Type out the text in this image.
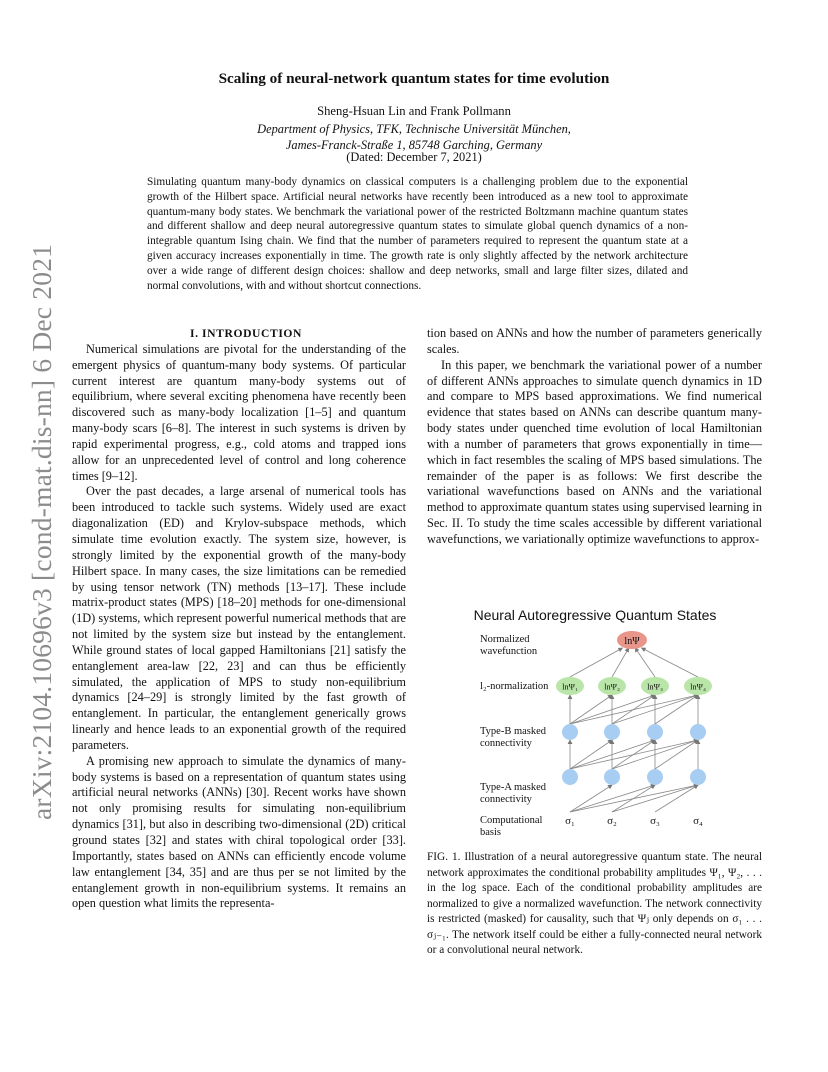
arXiv:2104.10696v3 [cond-mat.dis-nn] 6 Dec 2021
Scaling of neural-network quantum states for time evolution
Sheng-Hsuan Lin and Frank Pollmann
Department of Physics, TFK, Technische Universität München,
James-Franck-Straße 1, 85748 Garching, Germany
(Dated: December 7, 2021)
Simulating quantum many-body dynamics on classical computers is a challenging problem due to the exponential growth of the Hilbert space. Artificial neural networks have recently been introduced as a new tool to approximate quantum-many body states. We benchmark the variational power of the restricted Boltzmann machine quantum states and different shallow and deep neural autoregressive quantum states to simulate global quench dynamics of a non-integrable quantum Ising chain. We find that the number of parameters required to represent the quantum state at a given accuracy increases exponentially in time. The growth rate is only slightly affected by the network architecture over a wide range of different design choices: shallow and deep networks, small and large filter sizes, dilated and normal convolutions, with and without shortcut connections.

I. INTRODUCTION

Numerical simulations are pivotal for the understanding of the emergent physics of quantum-many body systems. Of particular current interest are quantum many-body systems out of equilibrium, where several exciting phenomena have recently been discovered such as many-body localization [1–5] and quantum many-body scars [6–8]. The interest in such systems is driven by rapid experimental progress, e.g., cold atoms and trapped ions allow for an unprecedented level of control and long coherence times [9–12].

Over the past decades, a large arsenal of numerical tools has been introduced to tackle such systems. Widely used are exact diagonalization (ED) and Krylov-subspace methods, which simulate time evolution exactly. The system size, however, is strongly limited by the exponential growth of the many-body Hilbert space. In many cases, the size limitations can be remedied by using tensor network (TN) methods [13–17]. These include matrix-product states (MPS) [18–20] methods for one-dimensional (1D) systems, which represent powerful numerical methods that are not limited by the system size but instead by the entanglement. While ground states of local gapped Hamiltonians [21] satisfy the entanglement area-law [22, 23] and can thus be efficiently simulated, the application of MPS to study non-equilibrium dynamics [24–29] is strongly limited by the fast growth of entanglement. In particular, the entanglement generically grows linearly and hence leads to an exponential growth of the required parameters.

A promising new approach to simulate the dynamics of many-body systems is based on a representation of quantum states using artificial neural networks (ANNs) [30]. Recent works have shown not only promising results for simulating non-equilibrium dynamics [31], but also in describing two-dimensional (2D) critical ground states [32] and states with chiral topological order [33]. Importantly, states based on ANNs can efficiently encode volume law entanglement [34, 35] and are thus per se not limited by the entanglement growth in non-equilibrium systems. It remains an open question what limits the representa-

tion based on ANNs and how the number of parameters generically scales.

In this paper, we benchmark the variational power of a number of different ANNs approaches to simulate quench dynamics in 1D and compare to MPS based approximations. We find numerical evidence that states based on ANNs can describe quantum many-body states under quenched time evolution of local Hamiltonian with a number of parameters that grows exponentially in time—which in fact resembles the scaling of MPS based simulations. The remainder of the paper is as follows: We first describe the variational wavefunctions based on ANNs and the variational method to approximate quantum states using supervised learning in Sec. II. To study the time scales accessible by different variational wavefunctions, we variationally optimize wavefunctions to approx-

Neural Autoregressive Quantum States
Normalized
wavefunction
l₂-normalization
Type-B masked
connectivity
Type-A masked
connectivity
Computational
basis
lnΨ
lnΨ₁
σ₁
lnΨ₂
σ₂
lnΨ₃
σ₃
lnΨ₄
σ₄
FIG. 1. Illustration of a neural autoregressive quantum state. The neural network approximates the conditional probability amplitudes Ψ₁, Ψ₂, . . . in the log space. Each of the conditional probability amplitudes are normalized to give a normalized wavefunction. The network connectivity is restricted (masked) for causality, such that Ψⱼ only depends on σ₁ . . . σⱼ₋₁. The network itself could be either a fully-connected neural network or a convolutional neural network.
